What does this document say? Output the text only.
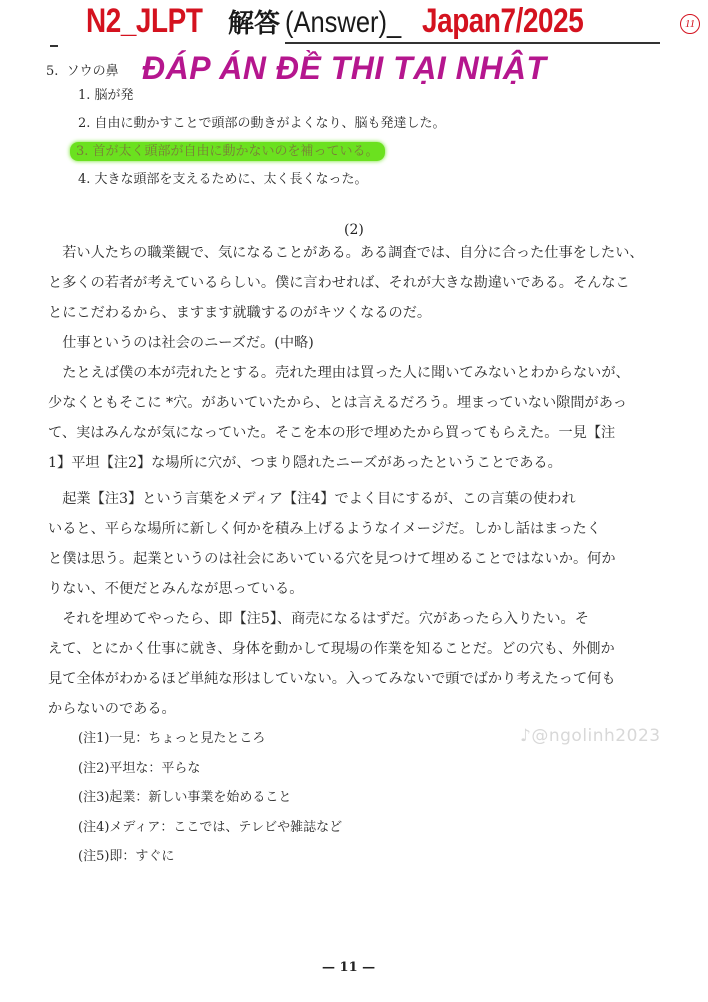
N2_JLPT 解答 (Answer)_ Japan7/2025	11
ĐÁP ÁN ĐỀ THI TẠI NHẬT
5. ソウの鼻
1. 脳が発
2. 自由に動かすことで頭部の動きがよくなり、脳も発達した。
3. 首が太く頭部が自由に動かないのを補っている。
4. 大きな頭部を支えるために、太く長くなった。
(2)

　若い人たちの職業観で、気になることがある。ある調査では、自分に合った仕事をしたい、

と多くの若者が考えているらしい。僕に言わせれば、それが大きな勘違いである。そんなこ

とにこだわるから、ますます就職するのがキツくなるのだ。

　仕事というのは社会のニーズだ。(中略)

　たとえば僕の本が売れたとする。売れた理由は買った人に聞いてみないとわからないが、

少なくともそこに *穴。があいていたから、とは言えるだろう。埋まっていない隙間があっ

て、実はみんなが気になっていた。そこを本の形で埋めたから買ってもらえた。一見【注

1】平坦【注2】な場所に穴が、つまり隠れたニーズがあったということである。

　起業【注3】という言葉をメディア【注4】でよく目にするが、この言葉の使われ

いると、平らな場所に新しく何かを積み上げるようなイメージだ。しかし話はまったく

と僕は思う。起業というのは社会にあいている穴を見つけて埋めることではないか。何か

りない、不便だとみんなが思っている。

　それを埋めてやったら、即【注5】、商売になるはずだ。穴があったら入りたい。そ

えて、とにかく仕事に就き、身体を動かして現場の作業を知ることだ。どの穴も、外側か

見て全体がわかるほど単純な形はしていない。入ってみないで頭でばかり考えたって何も

からないのである。

(注1)一見：ちょっと見たところ
(注2)平坦な：平らな
(注3)起業：新しい事業を始めること
(注4)メディア：ここでは、テレビや雑誌など
(注5)即：すぐに
♪@ngolinh2023
— 11 —
